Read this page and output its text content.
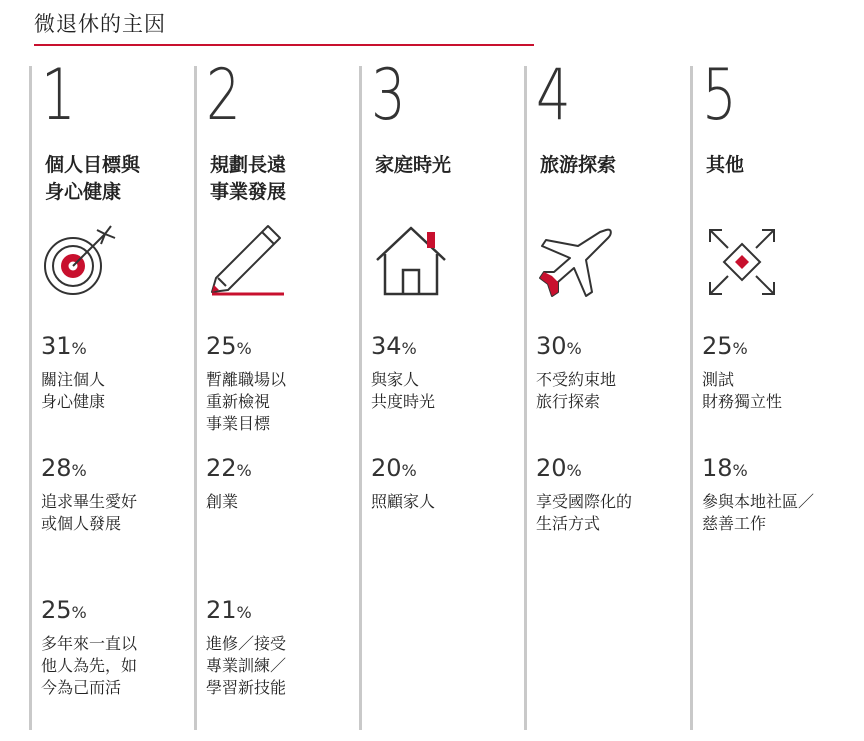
微退休的主因
1
個人目標與
身心健康
31%
關注個人
身心健康
28%
追求畢生愛好
或個人發展
25%
多年來一直以
他人為先，如
今為己而活
2
規劃長遠
事業發展
25%
暫離職場以
重新檢視
事業目標
22%
創業
21%
進修／接受
專業訓練／
學習新技能
3
家庭時光
34%
與家人
共度時光
20%
照顧家人
4
旅游探索
30%
不受約束地
旅行探索
20%
享受國際化的
生活方式
5
其他
25%
測試
財務獨立性
18%
參與本地社區／
慈善工作
